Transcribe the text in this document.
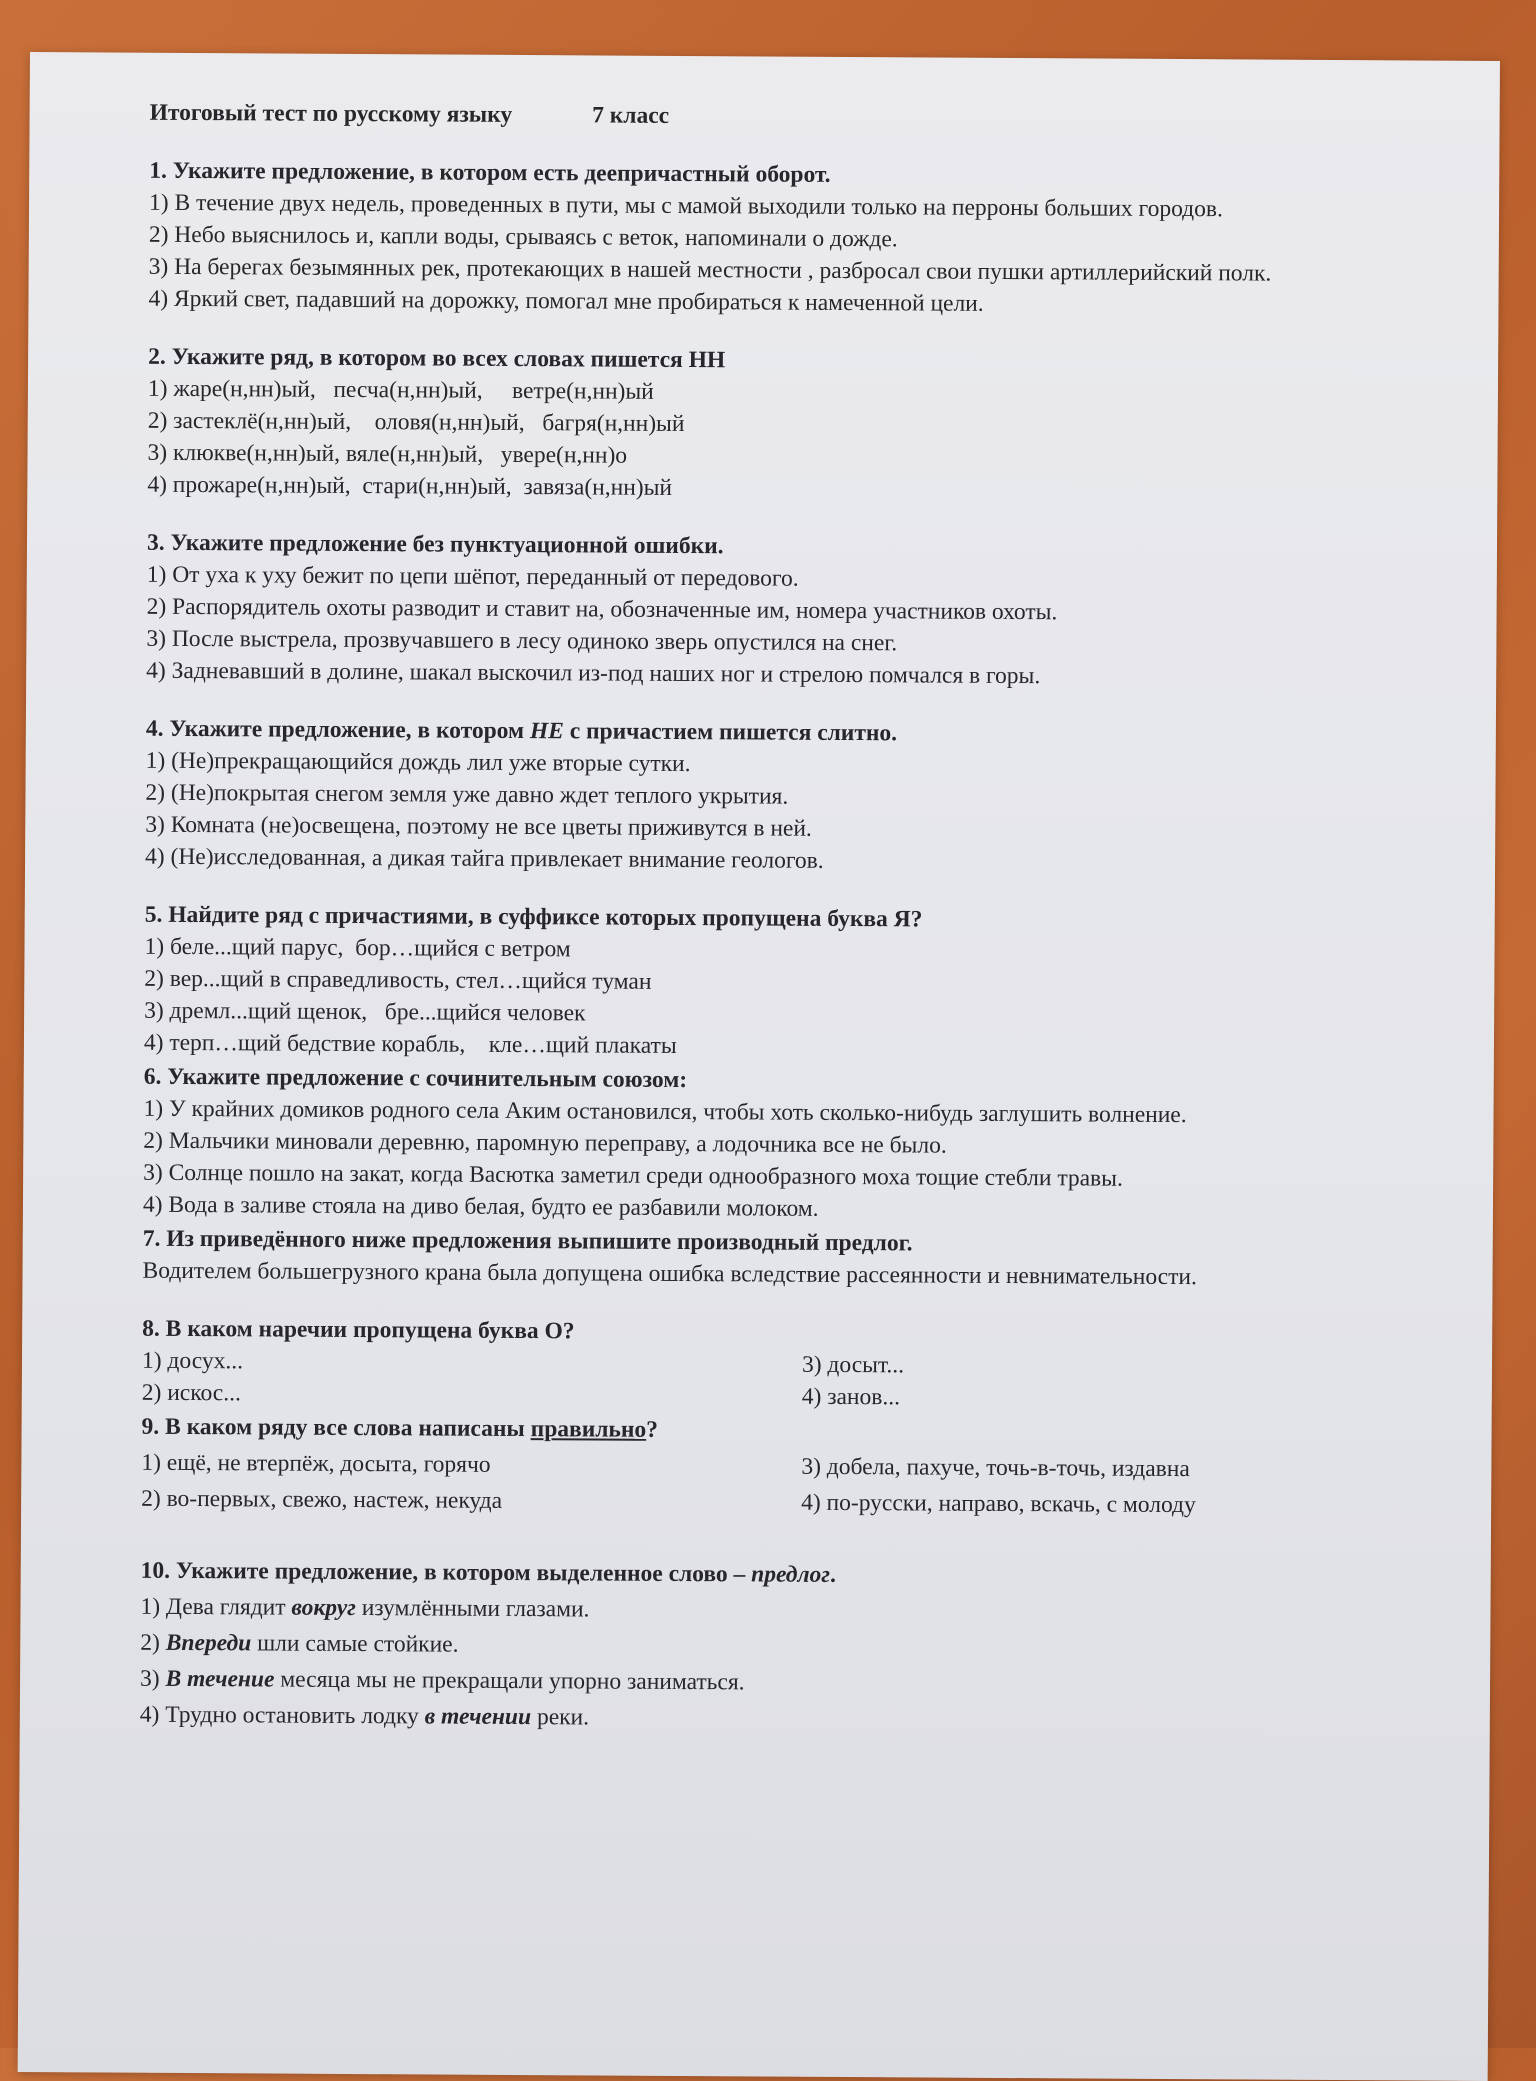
Итоговый тест по русскому языку	7 класс
1. Укажите предложение, в котором есть деепричастный оборот.
1) В течение двух недель, проведенных в пути, мы с мамой выходили только на перроны больших городов.
2) Небо выяснилось и, капли воды, срываясь с веток, напоминали о дожде.
3) На берегах безымянных рек, протекающих в нашей местности , разбросал свои пушки артиллерийский полк.
4) Яркий свет, падавший на дорожку, помогал мне пробираться к намеченной цели.
2. Укажите ряд, в котором во всех словах пишется НН
1) жаре(н,нн)ый,   песча(н,нн)ый,     ветре(н,нн)ый
2) застеклё(н,нн)ый,    оловя(н,нн)ый,   багря(н,нн)ый
3) клюкве(н,нн)ый, вяле(н,нн)ый,   увере(н,нн)о
4) прожаре(н,нн)ый,  стари(н,нн)ый,  завяза(н,нн)ый
3. Укажите предложение без пунктуационной ошибки.
1) От уха к уху бежит по цепи шёпот, переданный от передового.
2) Распорядитель охоты разводит и ставит на, обозначенные им, номера участников охоты.
3) После выстрела, прозвучавшего в лесу одиноко зверь опустился на снег.
4) Задневавший в долине, шакал выскочил из-под наших ног и стрелою помчался в горы.
4. Укажите предложение, в котором НЕ с причастием пишется слитно.
1) (Не)прекращающийся дождь лил уже вторые сутки.
2) (Не)покрытая снегом земля уже давно ждет теплого укрытия.
3) Комната (не)освещена, поэтому не все цветы приживутся в ней.
4) (Не)исследованная, а дикая тайга привлекает внимание геологов.
5. Найдите ряд с причастиями, в суффиксе которых пропущена буква Я?
1) беле...щий парус,  бор…щийся с ветром
2) вер...щий в справедливость, стел…щийся туман
3) дремл...щий щенок,   бре...щийся человек
4) терп…щий бедствие корабль,    кле…щий плакаты
6. Укажите предложение с сочинительным союзом:
1) У крайних домиков родного села Аким остановился, чтобы хоть сколько-нибудь заглушить волнение.
2) Мальчики миновали деревню, паромную переправу, а лодочника все не было.
3) Солнце пошло на закат, когда Васютка заметил среди однообразного моха тощие стебли травы.
4) Вода в заливе стояла на диво белая, будто ее разбавили молоком.
7. Из приведённого ниже предложения выпишите производный предлог.
Водителем большегрузного крана была допущена ошибка вследствие рассеянности и невнимательности.
8. В каком наречии пропущена буква О?
1) досух...	3) досыт...
2) искос...	4) занов...
9. В каком ряду все слова написаны правильно?
1) ещё, не втерпёж, досыта, горячо	3) добела, пахуче, точь-в-точь, издавна
2) во-первых, свежо, настеж, некуда	4) по-русски, направо, вскачь, с молоду
10. Укажите предложение, в котором выделенное слово – предлог.
1) Дева глядит вокруг изумлёнными глазами.
2) Впереди шли самые стойкие.
3) В течение месяца мы не прекращали упорно заниматься.
4) Трудно остановить лодку в течении реки.
